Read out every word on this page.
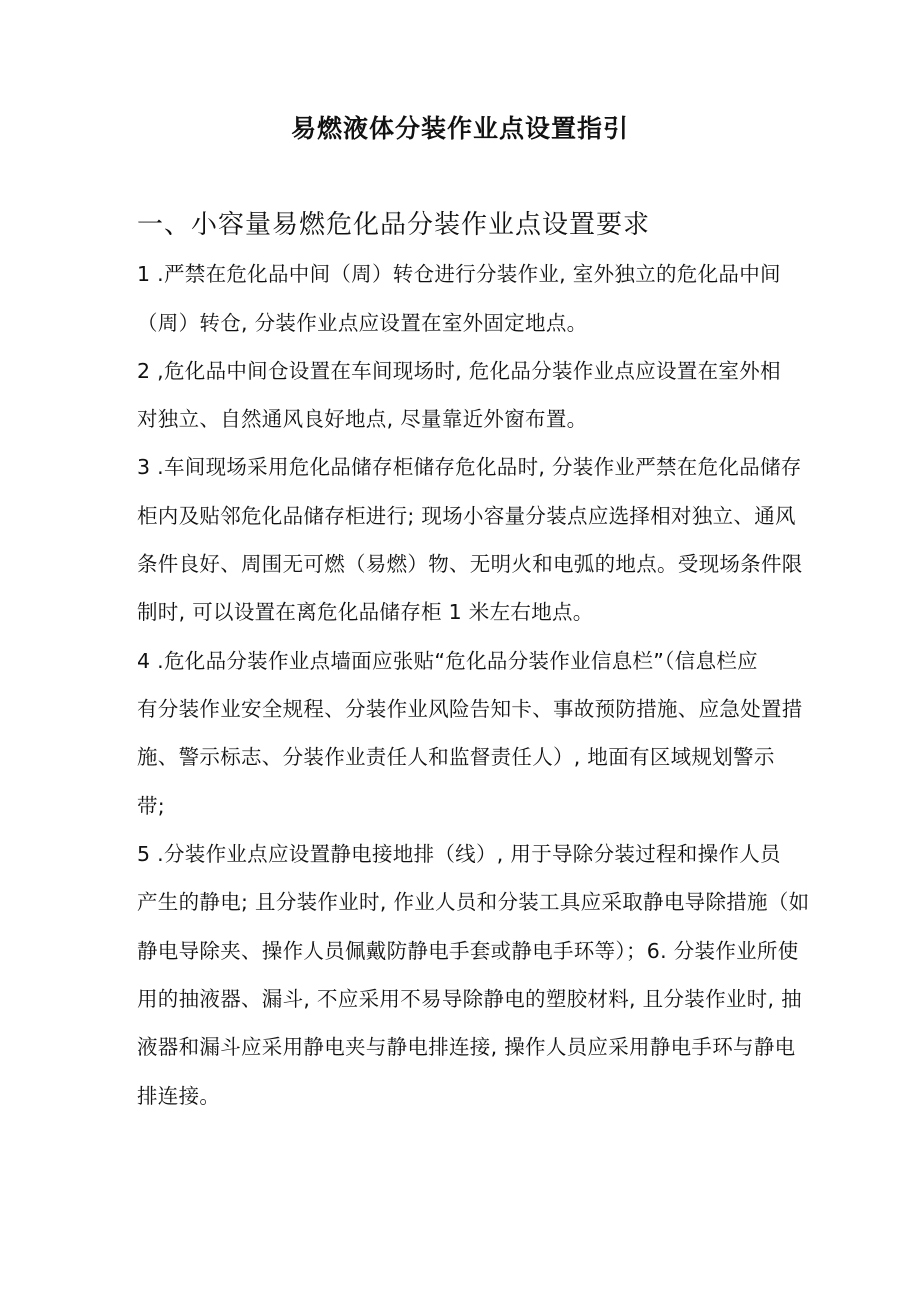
易燃液体分装作业点设置指引
一、小容量易燃危化品分装作业点设置要求

1 .严禁在危化品中间（周）转仓进行分装作业, 室外独立的危化品中间

（周）转仓, 分装作业点应设置在室外固定地点。

2 ,危化品中间仓设置在车间现场时, 危化品分装作业点应设置在室外相

对独立、自然通风良好地点, 尽量靠近外窗布置。

3 .车间现场采用危化品储存柜储存危化品时, 分装作业严禁在危化品储存

柜内及贴邻危化品储存柜进行; 现场小容量分装点应选择相对独立、通风

条件良好、周围无可燃（易燃）物、无明火和电弧的地点。受现场条件限

制时, 可以设置在离危化品储存柜 1 米左右地点。

4 .危化品分装作业点墙面应张贴“危化品分装作业信息栏”（信息栏应

有分装作业安全规程、分装作业风险告知卡、事故预防措施、应急处置措

施、警示标志、分装作业责任人和监督责任人）, 地面有区域规划警示

带;

5 .分装作业点应设置静电接地排（线）, 用于导除分装过程和操作人员

产生的静电; 且分装作业时, 作业人员和分装工具应采取静电导除措施（如

静电导除夹、操作人员佩戴防静电手套或静电手环等）；6. 分装作业所使

用的抽液器、漏斗, 不应采用不易导除静电的塑胶材料, 且分装作业时, 抽

液器和漏斗应采用静电夹与静电排连接, 操作人员应采用静电手环与静电

排连接。
